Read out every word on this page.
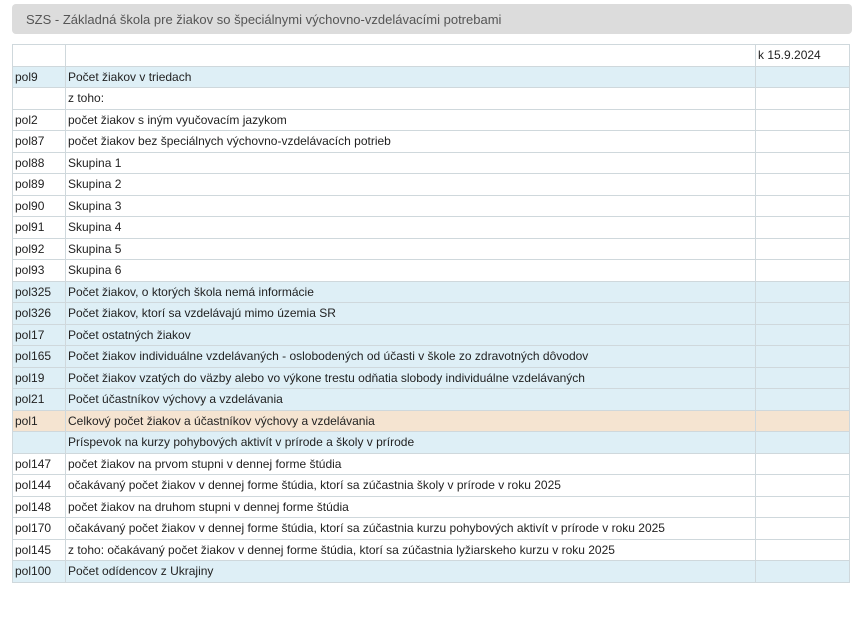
SZS - Základná škola pre žiakov so špeciálnymi výchovno-vzdelávacími potrebami
		k 15.9.2024
pol9	Počet žiakov v triedach	
	z toho:	
pol2	počet žiakov s iným vyučovacím jazykom	
pol87	počet žiakov bez špeciálnych výchovno-vzdelávacích potrieb	
pol88	Skupina 1	
pol89	Skupina 2	
pol90	Skupina 3	
pol91	Skupina 4	
pol92	Skupina 5	
pol93	Skupina 6	
pol325	Počet žiakov, o ktorých škola nemá informácie	
pol326	Počet žiakov, ktorí sa vzdelávajú mimo územia SR	
pol17	Počet ostatných žiakov	
pol165	Počet žiakov individuálne vzdelávaných - oslobodených od účasti v škole zo zdravotných dôvodov	
pol19	Počet žiakov vzatých do väzby alebo vo výkone trestu odňatia slobody individuálne vzdelávaných	
pol21	Počet účastníkov výchovy a vzdelávania	
pol1	Celkový počet žiakov a účastníkov výchovy a vzdelávania	
	Príspevok na kurzy pohybových aktivít v prírode a školy v prírode	
pol147	počet žiakov na prvom stupni v dennej forme štúdia	
pol144	očakávaný počet žiakov v dennej forme štúdia, ktorí sa zúčastnia školy v prírode v roku 2025	
pol148	počet žiakov na druhom stupni v dennej forme štúdia	
pol170	očakávaný počet žiakov v dennej forme štúdia, ktorí sa zúčastnia kurzu pohybových aktivít v prírode v roku 2025	
pol145	z toho: očakávaný počet žiakov v dennej forme štúdia, ktorí sa zúčastnia lyžiarskeho kurzu v roku 2025	
pol100	Počet odídencov z Ukrajiny	
